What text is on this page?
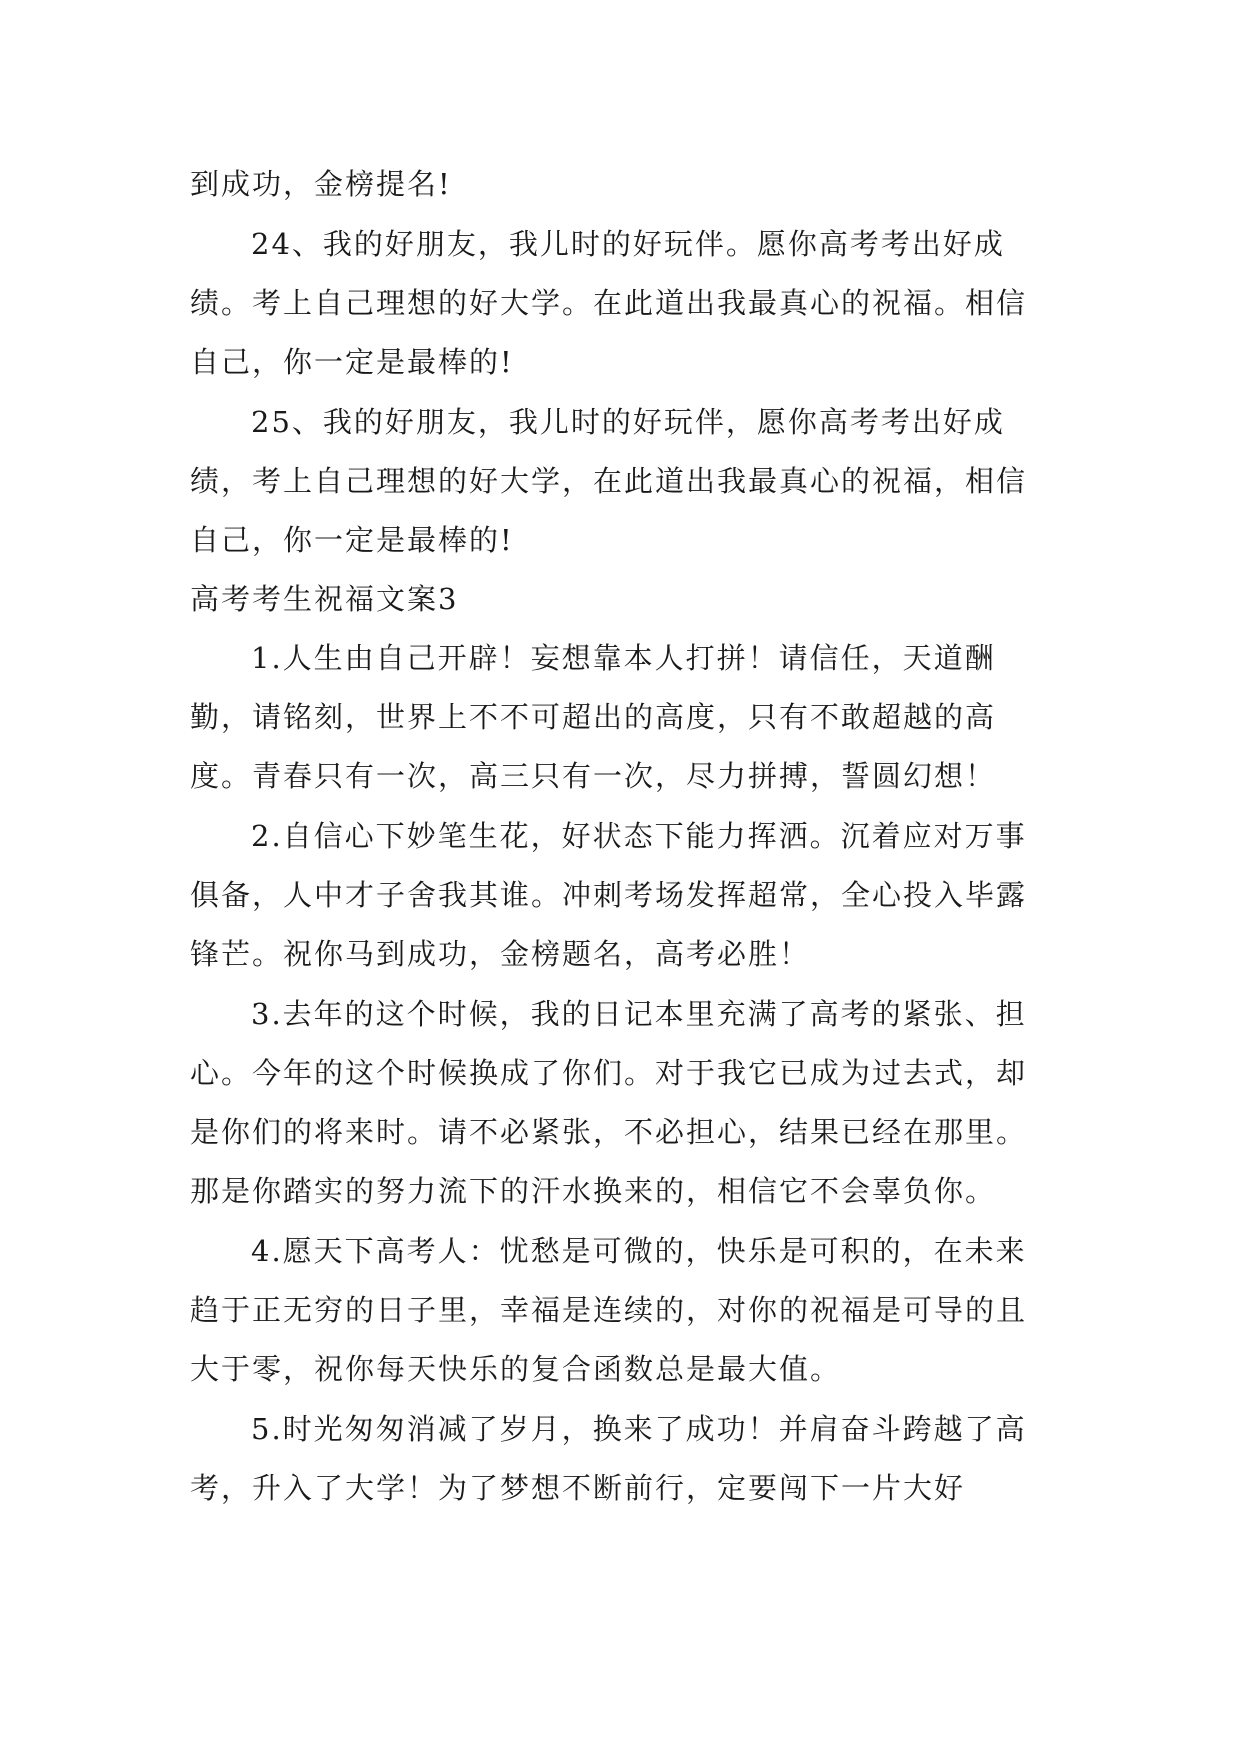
到成功，金榜提名!

24、我的好朋友，我儿时的好玩伴。愿你高考考出好成绩。考上自己理想的好大学。在此道出我最真心的祝福。相信自己，你一定是最棒的!

25、我的好朋友，我儿时的好玩伴，愿你高考考出好成绩，考上自己理想的好大学，在此道出我最真心的祝福，相信自己，你一定是最棒的!

高考考生祝福文案3

1.人生由自己开辟！妄想靠本人打拼！请信任，天道酬勤，请铭刻，世界上不不可超出的高度，只有不敢超越的高度。青春只有一次，高三只有一次，尽力拼搏，誓圆幻想！

2.自信心下妙笔生花，好状态下能力挥洒。沉着应对万事俱备，人中才子舍我其谁。冲刺考场发挥超常，全心投入毕露锋芒。祝你马到成功，金榜题名，高考必胜！

3.去年的这个时候，我的日记本里充满了高考的紧张、担心。今年的这个时候换成了你们。对于我它已成为过去式，却是你们的将来时。请不必紧张，不必担心，结果已经在那里。那是你踏实的努力流下的汗水换来的，相信它不会辜负你。

4.愿天下高考人：忧愁是可微的，快乐是可积的，在未来趋于正无穷的日子里，幸福是连续的，对你的祝福是可导的且大于零，祝你每天快乐的复合函数总是最大值。

5.时光匆匆消减了岁月，换来了成功！并肩奋斗跨越了高考，升入了大学！为了梦想不断前行，定要闯下一片大好
